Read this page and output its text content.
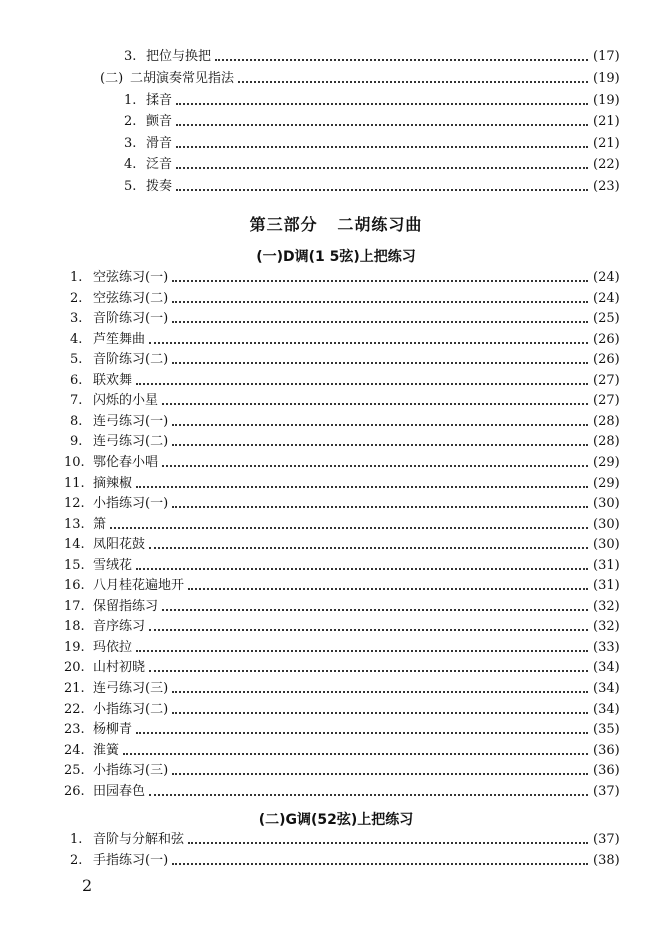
3. 把位与换把	(17)
(二) 二胡演奏常见指法	(19)
1. 揉音	(19)
2. 颤音	(21)
3. 滑音	(21)
4. 泛音	(22)
5. 拨奏	(23)
第三部分   二胡练习曲
(一)D调(1 5弦)上把练习
1. 空弦练习(一)	(24)
2. 空弦练习(二)	(24)
3. 音阶练习(一)	(25)
4. 芦笙舞曲	(26)
5. 音阶练习(二)	(26)
6. 联欢舞	(27)
7. 闪烁的小星	(27)
8. 连弓练习(一)	(28)
9. 连弓练习(二)	(28)
10. 鄂伦春小唱	(29)
11. 摘辣椒	(29)
12. 小指练习(一)	(30)
13. 箫	(30)
14. 凤阳花鼓	(30)
15. 雪绒花	(31)
16. 八月桂花遍地开	(31)
17. 保留指练习	(32)
18. 音序练习	(32)
19. 玛依拉	(33)
20. 山村初晓	(34)
21. 连弓练习(三)	(34)
22. 小指练习(二)	(34)
23. 杨柳青	(35)
24. 淮簧	(36)
25. 小指练习(三)	(36)
26. 田园春色	(37)
(二)G调(52弦)上把练习
1. 音阶与分解和弦	(37)
2. 手指练习(一)	(38)
2
